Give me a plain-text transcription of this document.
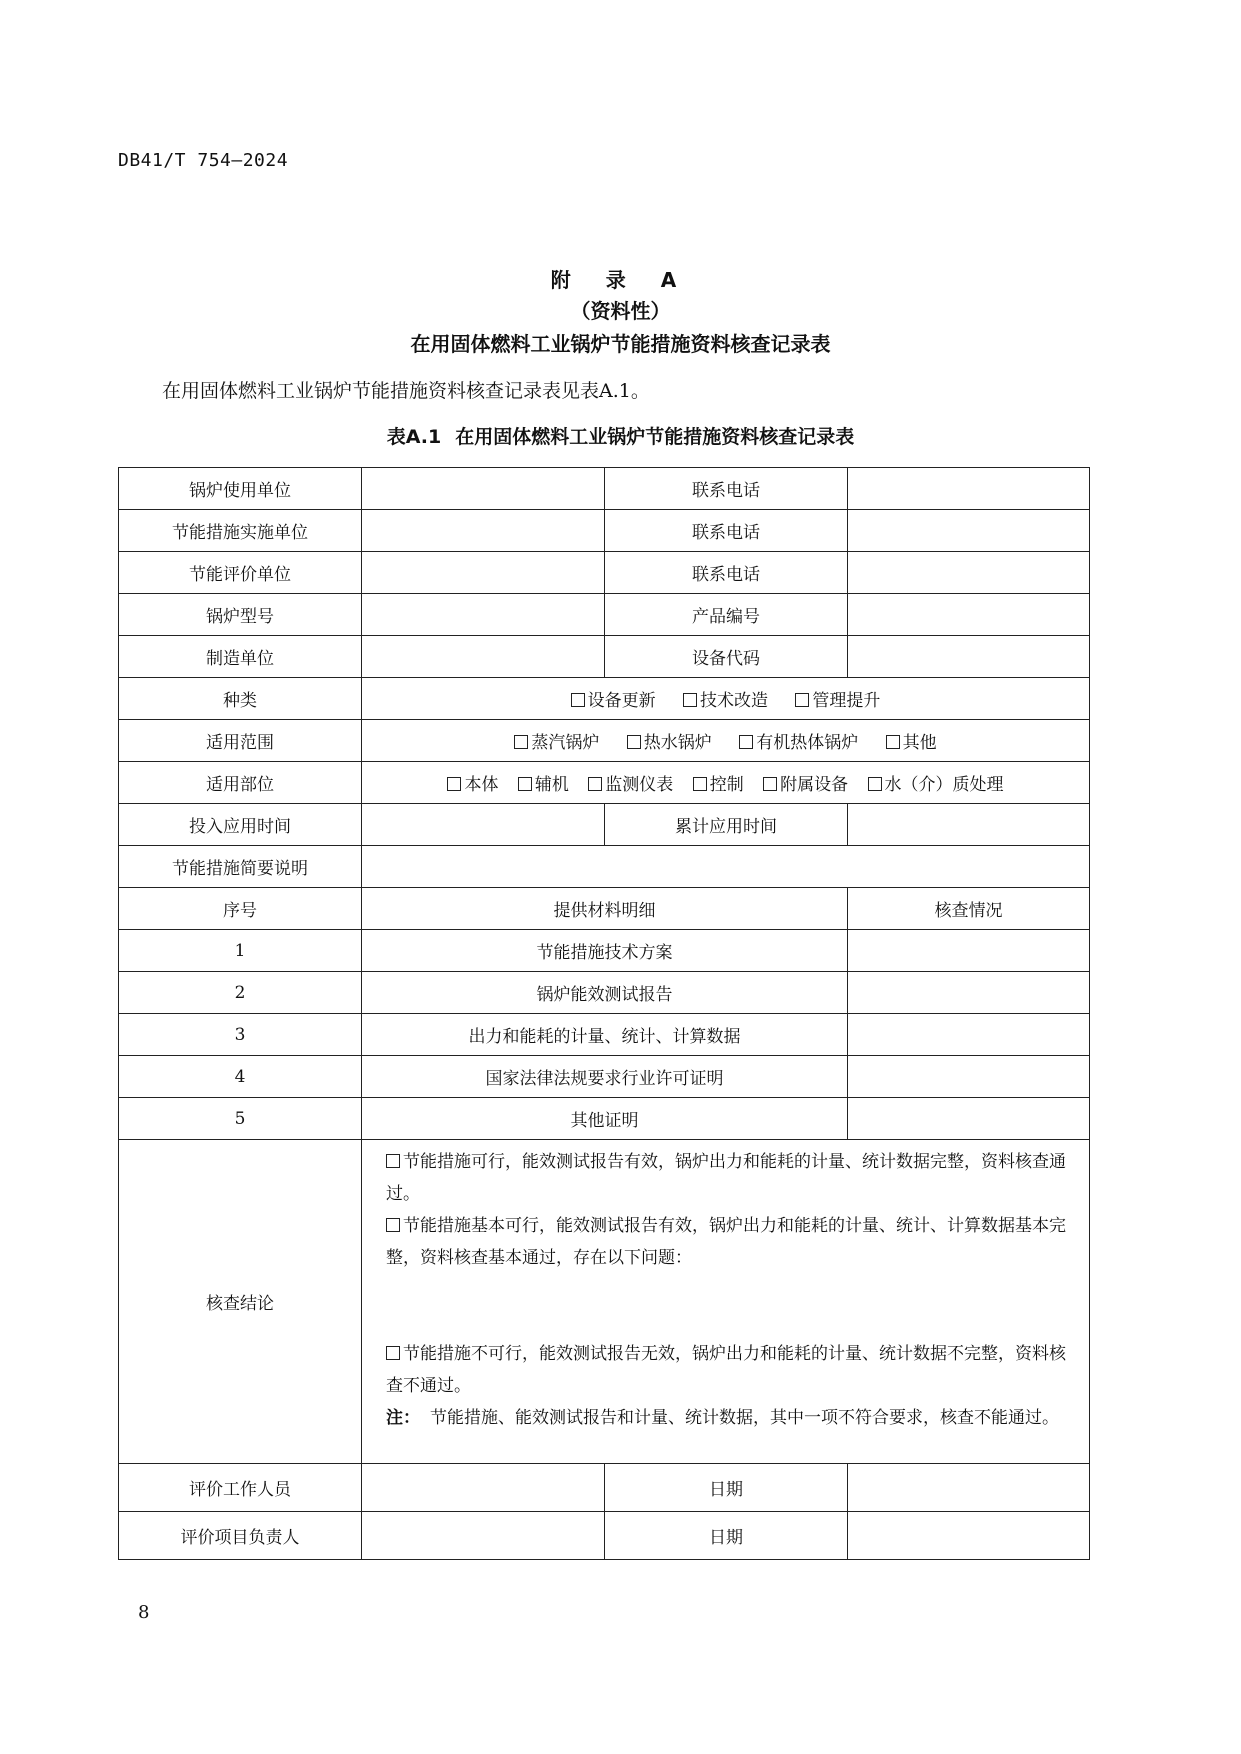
DB41/T 754—2024
附 录 A
（资料性）
在用固体燃料工业锅炉节能措施资料核查记录表
在用固体燃料工业锅炉节能措施资料核查记录表见表A.1。
表A.1 在用固体燃料工业锅炉节能措施资料核查记录表
锅炉使用单位		联系电话	
节能措施实施单位		联系电话	
节能评价单位		联系电话	
锅炉型号		产品编号	
制造单位		设备代码	
种类	设备更新 技术改造 管理提升		
适用范围	蒸汽锅炉 热水锅炉 有机热体锅炉 其他		
适用部位	本体 辅机 监测仪表 控制 附属设备 水（介）质处理		
投入应用时间		累计应用时间	
节能措施简要说明			
序号	提供材料明细		核查情况
1	节能措施技术方案		
2	锅炉能效测试报告		
3	出力和能耗的计量、统计、计算数据		
4	国家法律法规要求行业许可证明		
5	其他证明		
核查结论	节能措施可行，能效测试报告有效，锅炉出力和能耗的计量、统计数据完整，资料核查通过。

节能措施基本可行，能效测试报告有效，锅炉出力和能耗的计量、统计、计算数据基本完整，资料核查基本通过，存在以下问题：

节能措施不可行，能效测试报告无效，锅炉出力和能耗的计量、统计数据不完整，资料核查不通过。

注： 节能措施、能效测试报告和计量、统计数据，其中一项不符合要求，核查不能通过。		

评价工作人员		日期	
评价项目负责人		日期	
8
